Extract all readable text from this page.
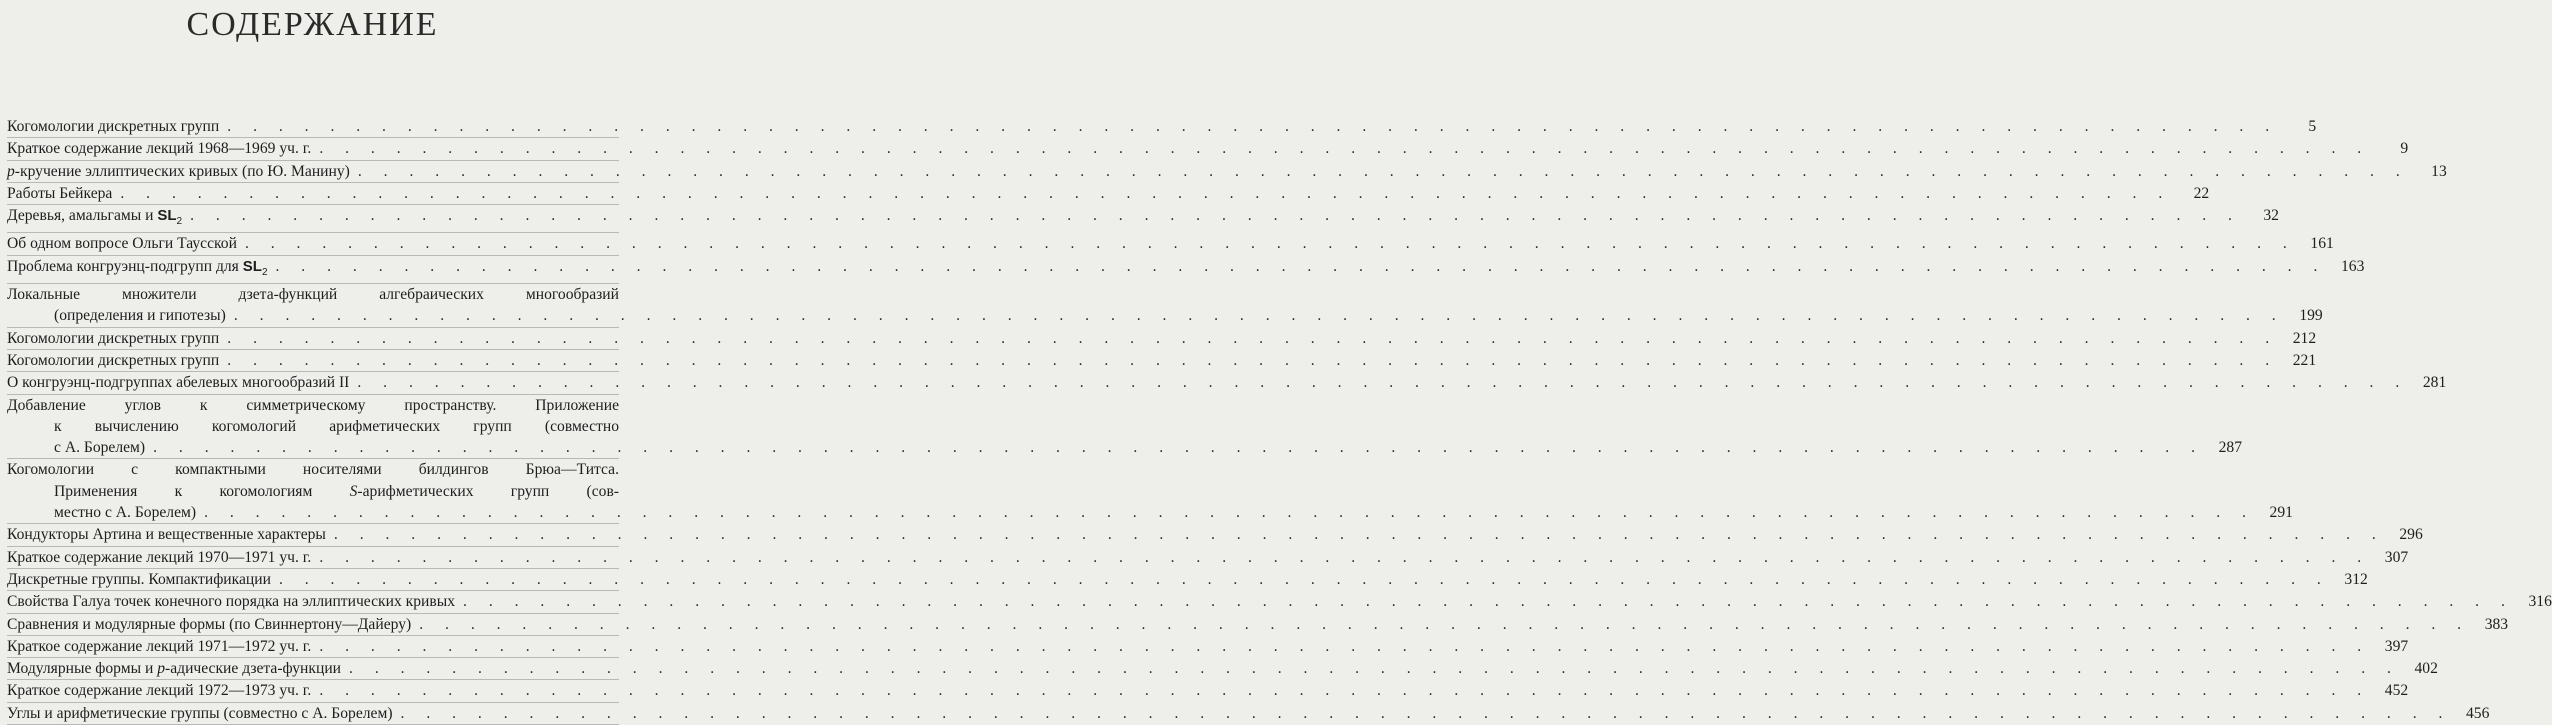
СОДЕРЖАНИЕ
Когомологии дискретных групп . . . . . . . . . . . . . . . . . . . . . . . . . . . . . . . . . . . . . . . . . . . . . . . . . . . . . . . . . . . . . . . . . . . . . . . . . . . . . . . .	5
Краткое содержание лекций 1968—1969 уч. г. . . . . . . . . . . . . . . . . . . . . . . . . . . . . . . . . . . . . . . . . . . . . . . . . . . . . . . . . . . . . . . . . . . . . . . . . . . . . . . . .	9
p-кручение эллиптических кривых (по Ю. Манину) . . . . . . . . . . . . . . . . . . . . . . . . . . . . . . . . . . . . . . . . . . . . . . . . . . . . . . . . . . . . . . . . . . . . . . . . . . . . . . . .	13
Работы Бейкера . . . . . . . . . . . . . . . . . . . . . . . . . . . . . . . . . . . . . . . . . . . . . . . . . . . . . . . . . . . . . . . . . . . . . . . . . . . . . . . .	22
Деревья, амальгамы и $SL_2$ . . . . . . . . . . . . . . . . . . . . . . . . . . . . . . . . . . . . . . . . . . . . . . . . . . . . . . . . . . . . . . . . . . . . . . . . . . . . . . . .	32
Об одном вопросе Ольги Таусской . . . . . . . . . . . . . . . . . . . . . . . . . . . . . . . . . . . . . . . . . . . . . . . . . . . . . . . . . . . . . . . . . . . . . . . . . . . . . . . . 161
Проблема конгруэнц-подгрупп для $SL_2$ . . . . . . . . . . . . . . . . . . . . . . . . . . . . . . . . . . . . . . . . . . . . . . . . . . . . . . . . . . . . . . . . . . . . . . . . . . . . . . . . 163
Локальные множители дзета-функций алгебраических многообразий
(определения и гипотезы) . . . . . . . . . . . . . . . . . . . . . . . . . . . . . . . . . . . . . . . . . . . . . . . . . . . . . . . . . . . . . . . . . . . . . . . . . . . . . . . . 199
Когомологии дискретных групп . . . . . . . . . . . . . . . . . . . . . . . . . . . . . . . . . . . . . . . . . . . . . . . . . . . . . . . . . . . . . . . . . . . . . . . . . . . . . . . . 212
Когомологии дискретных групп . . . . . . . . . . . . . . . . . . . . . . . . . . . . . . . . . . . . . . . . . . . . . . . . . . . . . . . . . . . . . . . . . . . . . . . . . . . . . . . . 221
О конгруэнц-подгруппах абелевых многообразий II . . . . . . . . . . . . . . . . . . . . . . . . . . . . . . . . . . . . . . . . . . . . . . . . . . . . . . . . . . . . . . . . . . . . . . . . . . . . . . . . 281
Добавление углов к симметрическому пространству. Приложение
к вычислению когомологий арифметических групп (совместно
с А. Борелем) . . . . . . . . . . . . . . . . . . . . . . . . . . . . . . . . . . . . . . . . . . . . . . . . . . . . . . . . . . . . . . . . . . . . . . . . . . . . . . . . 287
Когомологии с компактными носителями билдингов Брюа—Титса.
Применения к когомологиям S-арифметических групп (сов-
местно с А. Борелем) . . . . . . . . . . . . . . . . . . . . . . . . . . . . . . . . . . . . . . . . . . . . . . . . . . . . . . . . . . . . . . . . . . . . . . . . . . . . . . . . 291
Кондукторы Артина и вещественные характеры . . . . . . . . . . . . . . . . . . . . . . . . . . . . . . . . . . . . . . . . . . . . . . . . . . . . . . . . . . . . . . . . . . . . . . . . . . . . . . . . 296
Краткое содержание лекций 1970—1971 уч. г. . . . . . . . . . . . . . . . . . . . . . . . . . . . . . . . . . . . . . . . . . . . . . . . . . . . . . . . . . . . . . . . . . . . . . . . . . . . . . . . . 307
Дискретные группы. Компактификации . . . . . . . . . . . . . . . . . . . . . . . . . . . . . . . . . . . . . . . . . . . . . . . . . . . . . . . . . . . . . . . . . . . . . . . . . . . . . . . . 312
Свойства Галуа точек конечного порядка на эллиптических кривых . . . . . . . . . . . . . . . . . . . . . . . . . . . . . . . . . . . . . . . . . . . . . . . . . . . . . . . . . . . . . . . . . . . . . . . . . . . . . . . . 316
Сравнения и модулярные формы (по Свиннертону—Дайеру) . . . . . . . . . . . . . . . . . . . . . . . . . . . . . . . . . . . . . . . . . . . . . . . . . . . . . . . . . . . . . . . . . . . . . . . . . . . . . . . . 383
Краткое содержание лекций 1971—1972 уч. г. . . . . . . . . . . . . . . . . . . . . . . . . . . . . . . . . . . . . . . . . . . . . . . . . . . . . . . . . . . . . . . . . . . . . . . . . . . . . . . . . 397
Модулярные формы и p-адические дзета-функции . . . . . . . . . . . . . . . . . . . . . . . . . . . . . . . . . . . . . . . . . . . . . . . . . . . . . . . . . . . . . . . . . . . . . . . . . . . . . . . . 402
Краткое содержание лекций 1972—1973 уч. г. . . . . . . . . . . . . . . . . . . . . . . . . . . . . . . . . . . . . . . . . . . . . . . . . . . . . . . . . . . . . . . . . . . . . . . . . . . . . . . . . 452
Углы и арифметические группы (совместно с А. Борелем) . . . . . . . . . . . . . . . . . . . . . . . . . . . . . . . . . . . . . . . . . . . . . . . . . . . . . . . . . . . . . . . . . . . . . . . . . . . . . . . . 456
